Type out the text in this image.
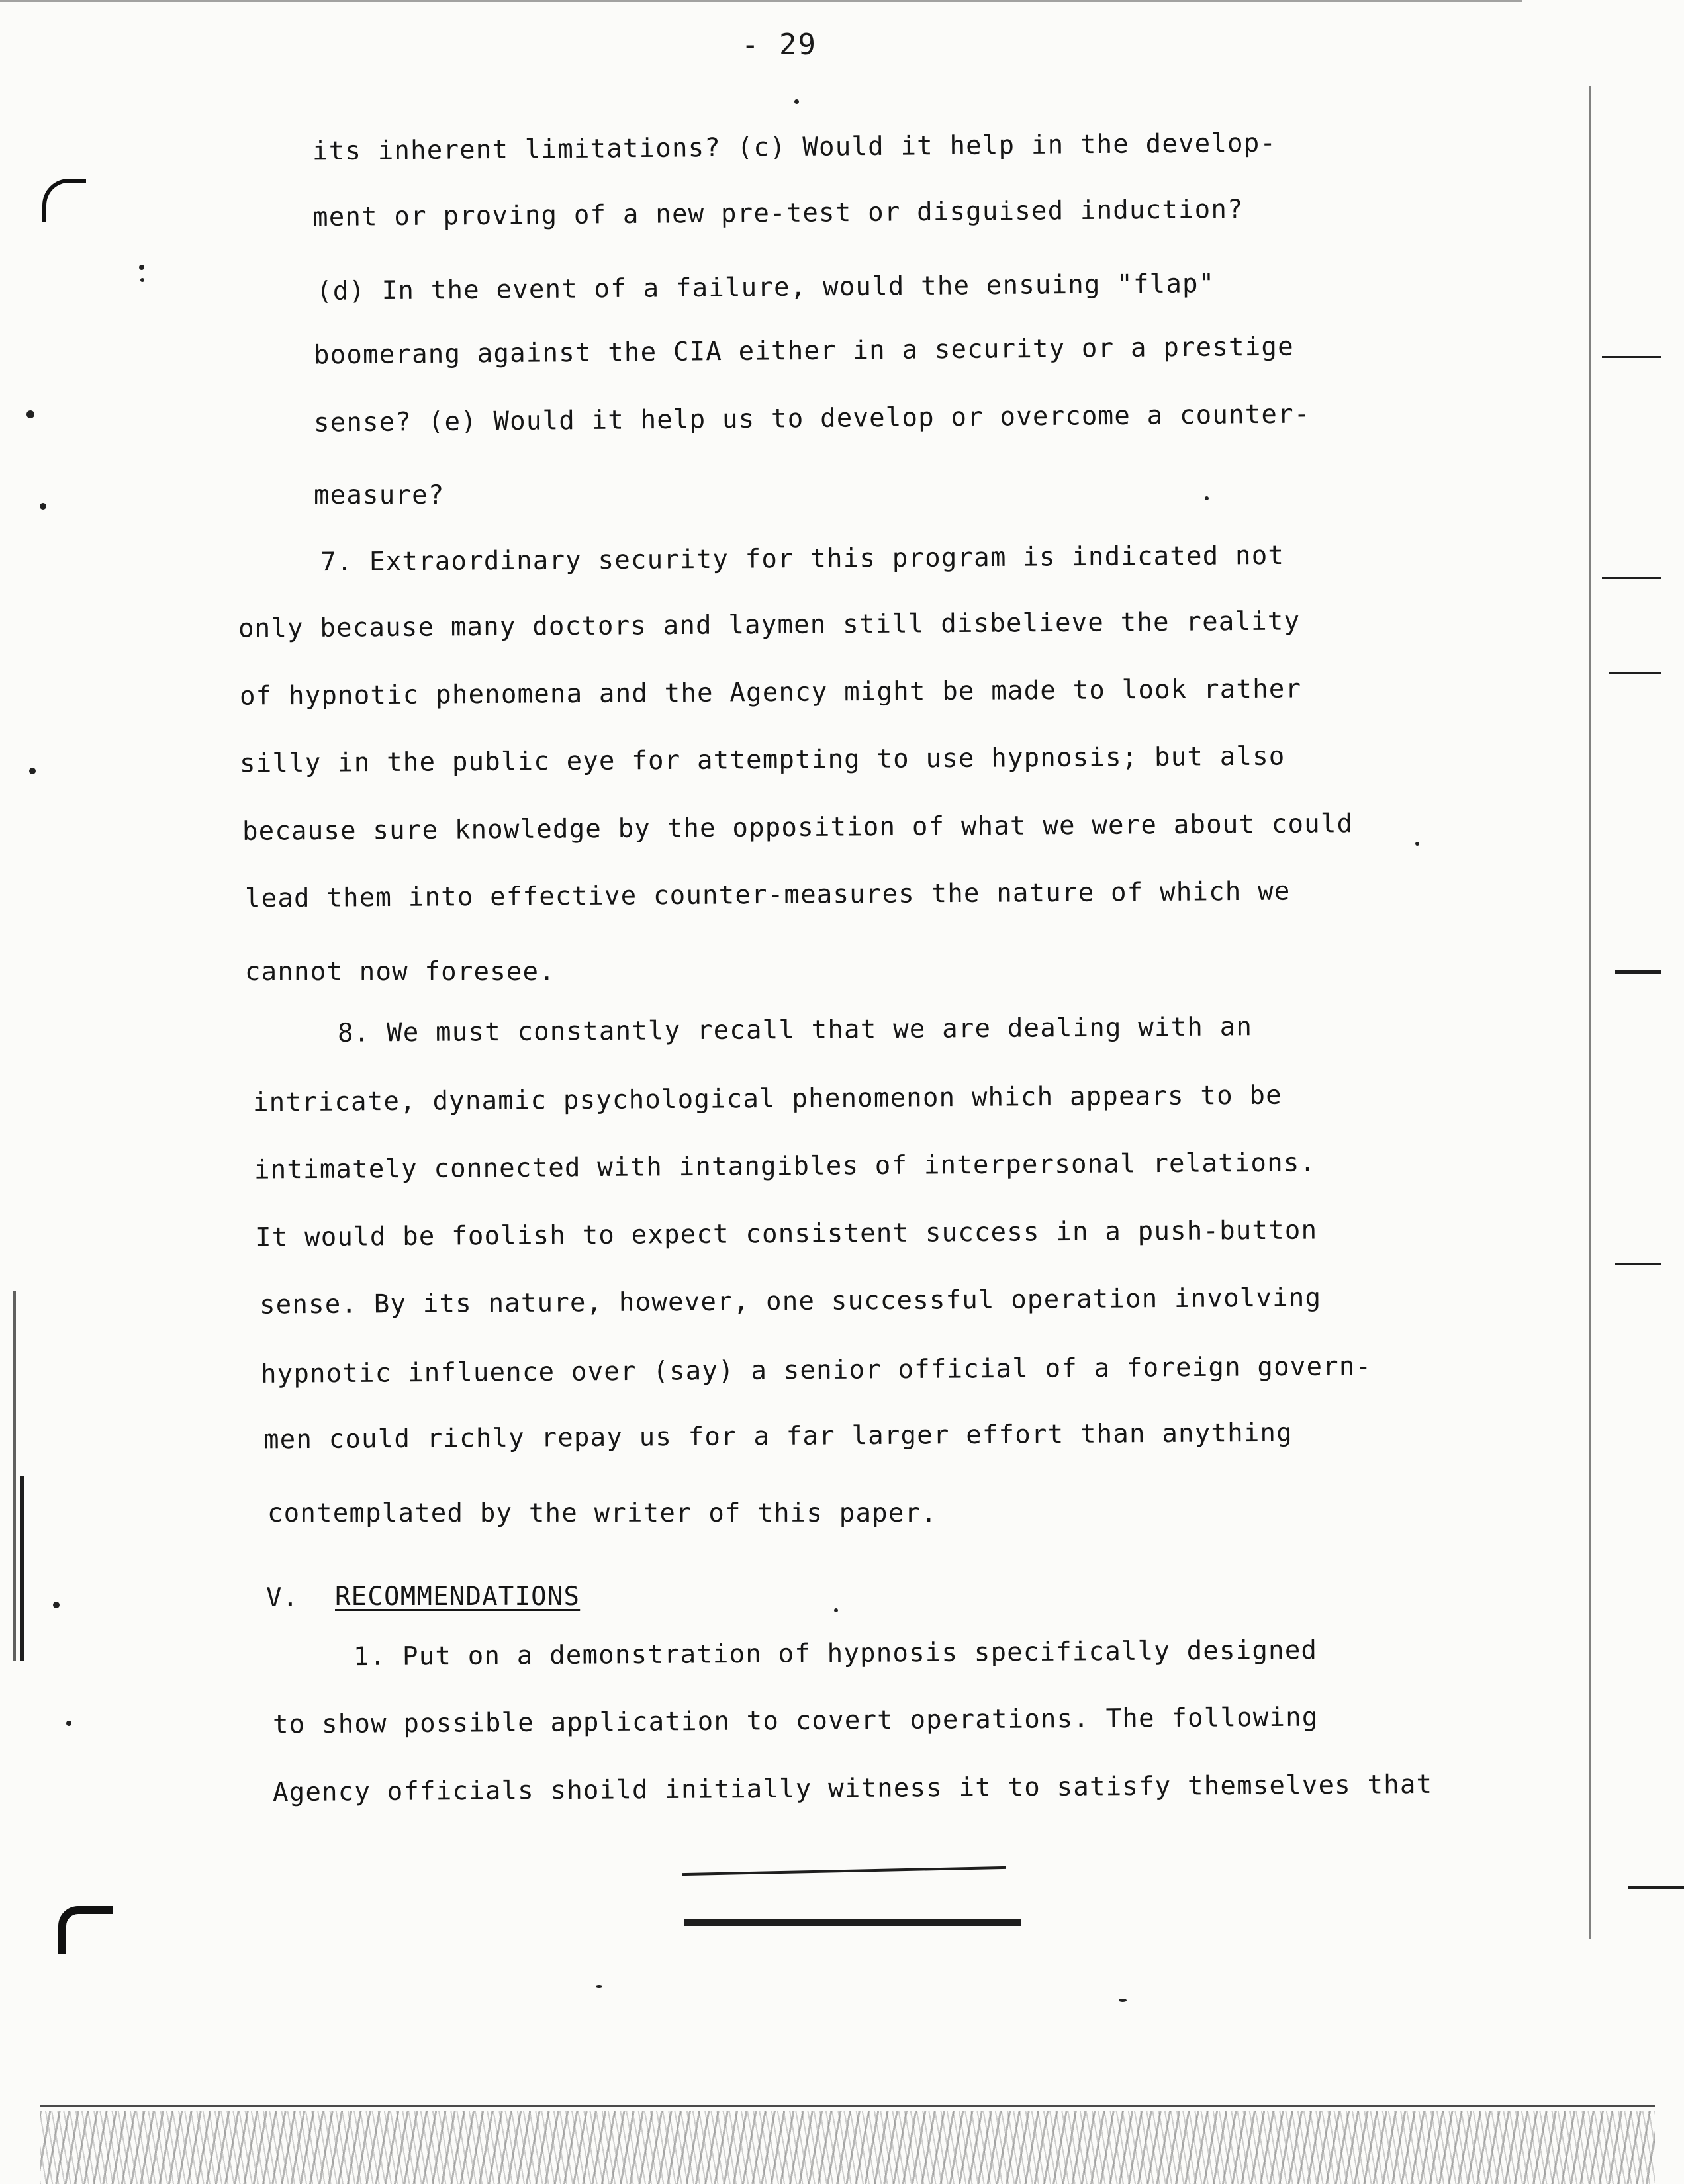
- 29
its inherent limitations? (c) Would it help in the develop-
ment or proving of a new pre-test or disguised induction?
(d) In the event of a failure, would the ensuing "flap"
boomerang against the CIA either in a security or a prestige
sense? (e) Would it help us to develop or overcome a counter-
measure?
7. Extraordinary security for this program is indicated not
only because many doctors and laymen still disbelieve the reality
of hypnotic phenomena and the Agency might be made to look rather
silly in the public eye for attempting to use hypnosis; but also
because sure knowledge by the opposition of what we were about could
lead them into effective counter-measures the nature of which we
cannot now foresee.
8. We must constantly recall that we are dealing with an
intricate, dynamic psychological phenomenon which appears to be
intimately connected with intangibles of interpersonal relations.
It would be foolish to expect consistent success in a push-button
sense. By its nature, however, one successful operation involving
hypnotic influence over (say) a senior official of a foreign govern-
men could richly repay us for a far larger effort than anything
contemplated by the writer of this paper.
V. RECOMMENDATIONS
1. Put on a demonstration of hypnosis specifically designed
to show possible application to covert operations. The following
Agency officials shoild initially witness it to satisfy themselves that
